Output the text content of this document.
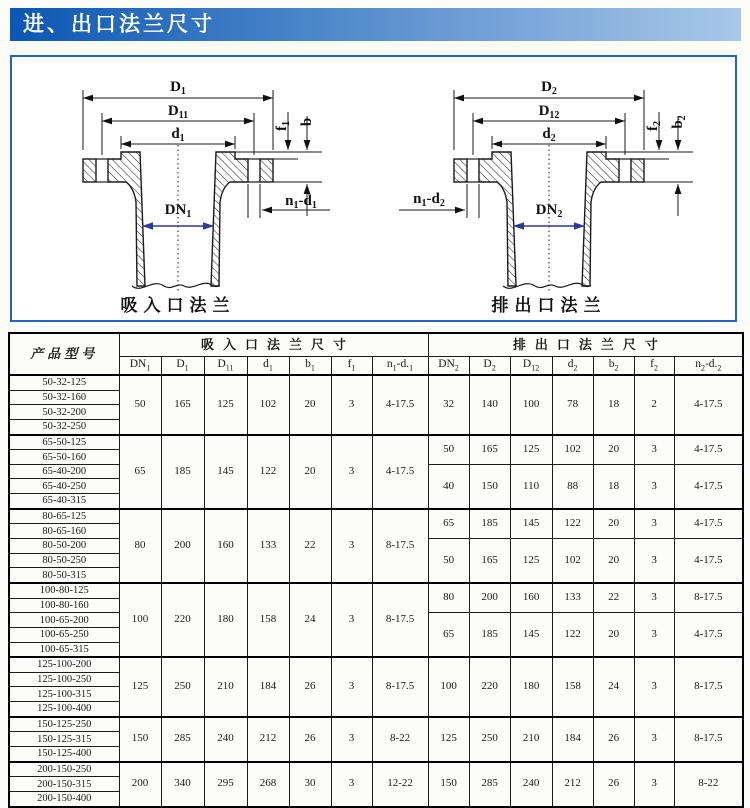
进、出口法兰尺寸
$D_1$
$D_{11}$
$d_1$
$DN_1$
$f_1$ b
$n_1-d_1$
吸入口法兰
$D_2$
$D_{12}$
$d_2$
$DN_2$
$f_2$ $b_2$
$n_1-d_2$
排出口法兰
产品型号	吸入口法兰尺寸							排出口法兰尺寸						
	$DN_1$	$D_1$	$D_{11}$	$d_1$	$b_1$	$f_1$	$n_1-d._1$	$DN_2$	$D_2$	$D_{12}$	$d_2$	$b_2$	$f_2$	$n_2-d._2$
50-32-125	50	165	125	102	20	3	4-17.5	32	140	100	78	18	2	4-17.5
50-32-160														
50-32-200														
50-32-250														
65-50-125	65	185	145	122	20	3	4-17.5	50	165	125	102	20	3	4-17.5
65-50-160														
65-40-200								40	150	110	88	18	3	4-17.5
65-40-250														
65-40-315														
80-65-125	80	200	160	133	22	3	8-17.5	65	185	145	122	20	3	4-17.5
80-65-160														
80-50-200								50	165	125	102	20	3	4-17.5
80-50-250														
80-50-315														
100-80-125	100	220	180	158	24	3	8-17.5	80	200	160	133	22	3	8-17.5
100-80-160														
100-65-200								65	185	145	122	20	3	4-17.5
100-65-250														
100-65-315														
125-100-200	125	250	210	184	26	3	8-17.5	100	220	180	158	24	3	8-17.5
125-100-250														
125-100-315														
125-100-400														
150-125-250	150	285	240	212	26	3	8-22	125	250	210	184	26	3	8-17.5
150-125-315														
150-125-400														
200-150-250	200	340	295	268	30	3	12-22	150	285	240	212	26	3	8-22
200-150-315														
200-150-400														
